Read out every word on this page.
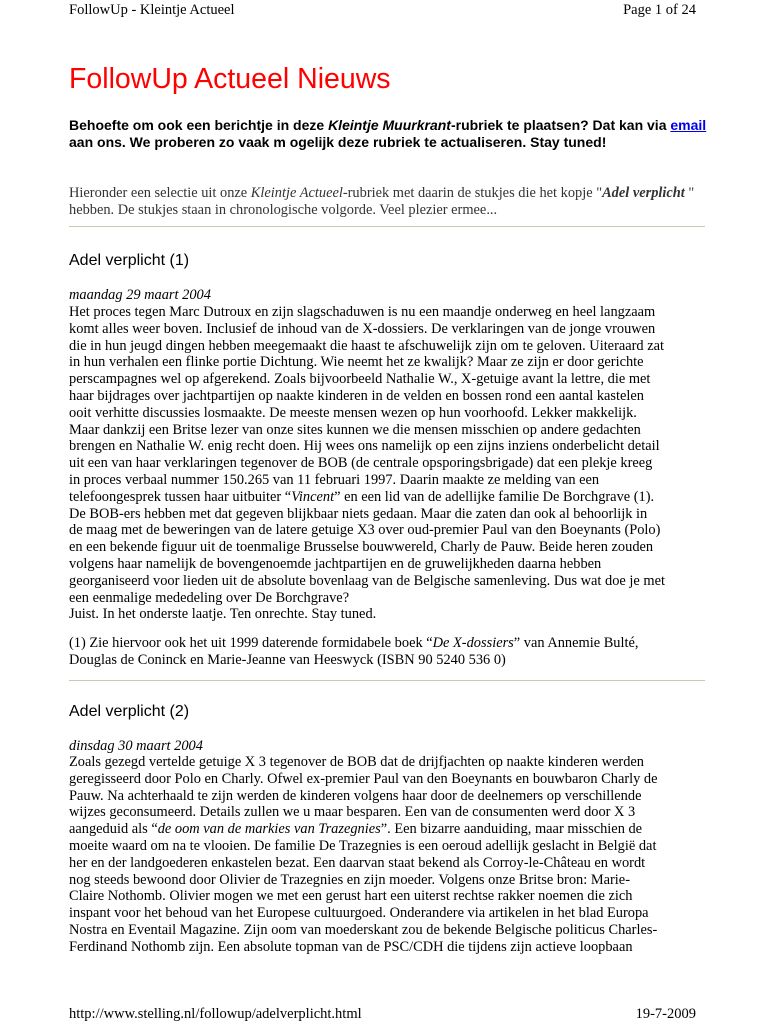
FollowUp - Kleintje Actueel	Page 1 of 24
FollowUp Actueel Nieuws

Behoefte om ook een berichtje in deze Kleintje Muurkrant-rubriek te plaatsen? Dat kan via email aan ons. We proberen zo vaak m ogelijk deze rubriek te actualiseren. Stay tuned!

Hieronder een selectie uit onze Kleintje Actueel-rubriek met daarin de stukjes die het kopje "Adel verplicht " hebben. De stukjes staan in chronologische volgorde. Veel plezier ermee...

Adel verplicht (1)
maandag 29 maart 2004
Het proces tegen Marc Dutroux en zijn slagschaduwen is nu een maandje onderweg en heel langzaam
komt alles weer boven. Inclusief de inhoud van de X-dossiers. De verklaringen van de jonge vrouwen
die in hun jeugd dingen hebben meegemaakt die haast te afschuwelijk zijn om te geloven. Uiteraard zat
in hun verhalen een flinke portie Dichtung. Wie neemt het ze kwalijk? Maar ze zijn er door gerichte
perscampagnes wel op afgerekend. Zoals bijvoorbeeld Nathalie W., X-getuige avant la lettre, die met
haar bijdrages over jachtpartijen op naakte kinderen in de velden en bossen rond een aantal kastelen
ooit verhitte discussies losmaakte. De meeste mensen wezen op hun voorhoofd. Lekker makkelijk.
Maar dankzij een Britse lezer van onze sites kunnen we die mensen misschien op andere gedachten
brengen en Nathalie W. enig recht doen. Hij wees ons namelijk op een zijns inziens onderbelicht detail
uit een van haar verklaringen tegenover de BOB (de centrale opsporingsbrigade) dat een plekje kreeg
in proces verbaal nummer 150.265 van 11 februari 1997. Daarin maakte ze melding van een
telefoongesprek tussen haar uitbuiter “Vincent” en een lid van de adellijke familie De Borchgrave (1).
De BOB-ers hebben met dat gegeven blijkbaar niets gedaan. Maar die zaten dan ook al behoorlijk in
de maag met de beweringen van de latere getuige X3 over oud-premier Paul van den Boeynants (Polo)
en een bekende figuur uit de toenmalige Brusselse bouwwereld, Charly de Pauw. Beide heren zouden
volgens haar namelijk de bovengenoemde jachtpartijen en de gruwelijkheden daarna hebben
georganiseerd voor lieden uit de absolute bovenlaag van de Belgische samenleving. Dus wat doe je met
een eenmalige mededeling over De Borchgrave?
Juist. In het onderste laatje. Ten onrechte. Stay tuned.
(1) Zie hiervoor ook het uit 1999 daterende formidabele boek “De X-dossiers” van Annemie Bulté,
Douglas de Coninck en Marie-Jeanne van Heeswyck (ISBN 90 5240 536 0)
Adel verplicht (2)
dinsdag 30 maart 2004
Zoals gezegd vertelde getuige X 3 tegenover de BOB dat de drijfjachten op naakte kinderen werden
geregisseerd door Polo en Charly. Ofwel ex-premier Paul van den Boeynants en bouwbaron Charly de
Pauw. Na achterhaald te zijn werden de kinderen volgens haar door de deelnemers op verschillende
wijzes geconsumeerd. Details zullen we u maar besparen. Een van de consumenten werd door X 3
aangeduid als “de oom van de markies van Trazegnies”. Een bizarre aanduiding, maar misschien de
moeite waard om na te vlooien. De familie De Trazegnies is een oeroud adellijk geslacht in België dat
her en der landgoederen enkastelen bezat. Een daarvan staat bekend als Corroy-le-Château en wordt
nog steeds bewoond door Olivier de Trazegnies en zijn moeder. Volgens onze Britse bron: Marie-
Claire Nothomb. Olivier mogen we met een gerust hart een uiterst rechtse rakker noemen die zich
inspant voor het behoud van het Europese cultuurgoed. Onderandere via artikelen in het blad Europa
Nostra en Eventail Magazine. Zijn oom van moederskant zou de bekende Belgische politicus Charles-
Ferdinand Nothomb zijn. Een absolute topman van de PSC/CDH die tijdens zijn actieve loopbaan
http://www.stelling.nl/followup/adelverplicht.html	19-7-2009
